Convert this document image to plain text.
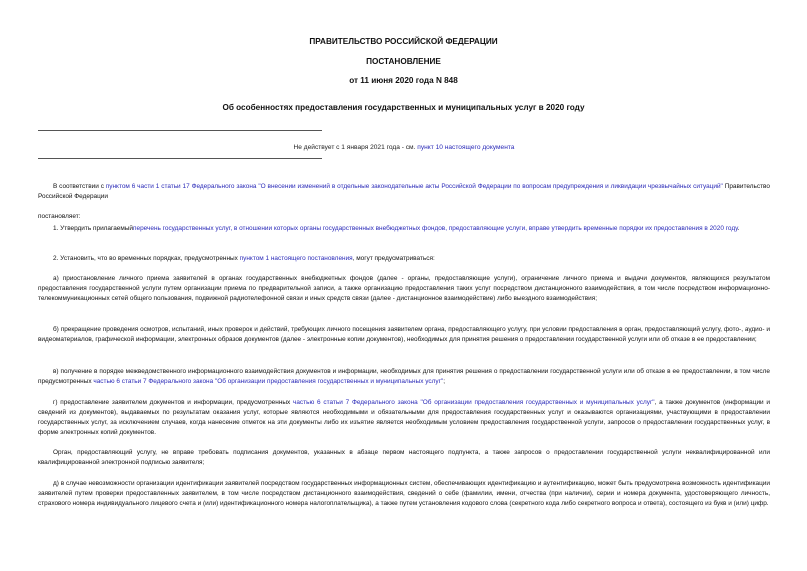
ПРАВИТЕЛЬСТВО РОССИЙСКОЙ ФЕДЕРАЦИИ
ПОСТАНОВЛЕНИЕ
от 11 июня 2020 года N 848
Об особенностях предоставления государственных и муниципальных услуг в 2020 году
Не действует с 1 января 2021 года - см. пункт 10 настоящего документа
В соответствии с пунктом 6 части 1 статьи 17 Федерального закона "О внесении изменений в отдельные законодательные акты Российской Федерации по вопросам предупреждения и ликвидации чрезвычайных ситуаций" Правительство Российской Федерации
постановляет:
1. Утвердить прилагаемыйперечень государственных услуг, в отношении которых органы государственных внебюджетных фондов, предоставляющие услуги, вправе утвердить временные порядки их предоставления в 2020 году.
2. Установить, что во временных порядках, предусмотренных пунктом 1 настоящего постановления, могут предусматриваться:
а) приостановление личного приема заявителей в органах государственных внебюджетных фондов (далее - органы, предоставляющие услуги), ограничение личного приема и выдачи документов, являющихся результатом предоставления государственной услуги путем организации приема по предварительной записи, а также организацию предоставления таких услуг посредством дистанционного взаимодействия, в том числе посредством информационно-телекоммуникационных сетей общего пользования, подвижной радиотелефонной связи и иных средств связи (далее - дистанционное взаимодействие) либо выездного взаимодействия;
б) прекращение проведения осмотров, испытаний, иных проверок и действий, требующих личного посещения заявителем органа, предоставляющего услугу, при условии предоставления в орган, предоставляющий услугу, фото-, аудио- и видеоматериалов, графической информации, электронных образов документов (далее - электронные копии документов), необходимых для принятия решения о предоставлении государственной услуги или об отказе в ее предоставлении;
в) получение в порядке межведомственного информационного взаимодействия документов и информации, необходимых для принятия решения о предоставлении государственной услуги или об отказе в ее предоставлении, в том числе предусмотренных частью 6 статьи 7 Федерального закона "Об организации предоставления государственных и муниципальных услуг";
г) предоставление заявителем документов и информации, предусмотренных частью 6 статьи 7 Федерального закона "Об организации предоставления государственных и муниципальных услуг", а также документов (информации и сведений из документов), выдаваемых по результатам оказания услуг, которые являются необходимыми и обязательными для предоставления государственных услуг и оказываются организациями, участвующими в предоставлении государственных услуг, за исключением случаев, когда нанесение отметок на эти документы либо их изъятие является необходимым условием предоставления государственной услуги, запросов о предоставлении государственных услуг, в форме электронных копий документов.
Орган, предоставляющий услугу, не вправе требовать подписания документов, указанных в абзаце первом настоящего подпункта, а также запросов о предоставлении государственной услуги неквалифицированной или квалифицированной электронной подписью заявителя;
д) в случае невозможности организации идентификации заявителей посредством государственных информационных систем, обеспечивающих идентификацию и аутентификацию, может быть предусмотрена возможность идентификации заявителей путем проверки предоставленных заявителем, в том числе посредством дистанционного взаимодействия, сведений о себе (фамилии, имени, отчества (при наличии), серии и номера документа, удостоверяющего личность, страхового номера индивидуального лицевого счета и (или) идентификационного номера налогоплательщика), а также путем установления кодового слова (секретного кода либо секретного вопроса и ответа), состоящего из букв и (или) цифр.
